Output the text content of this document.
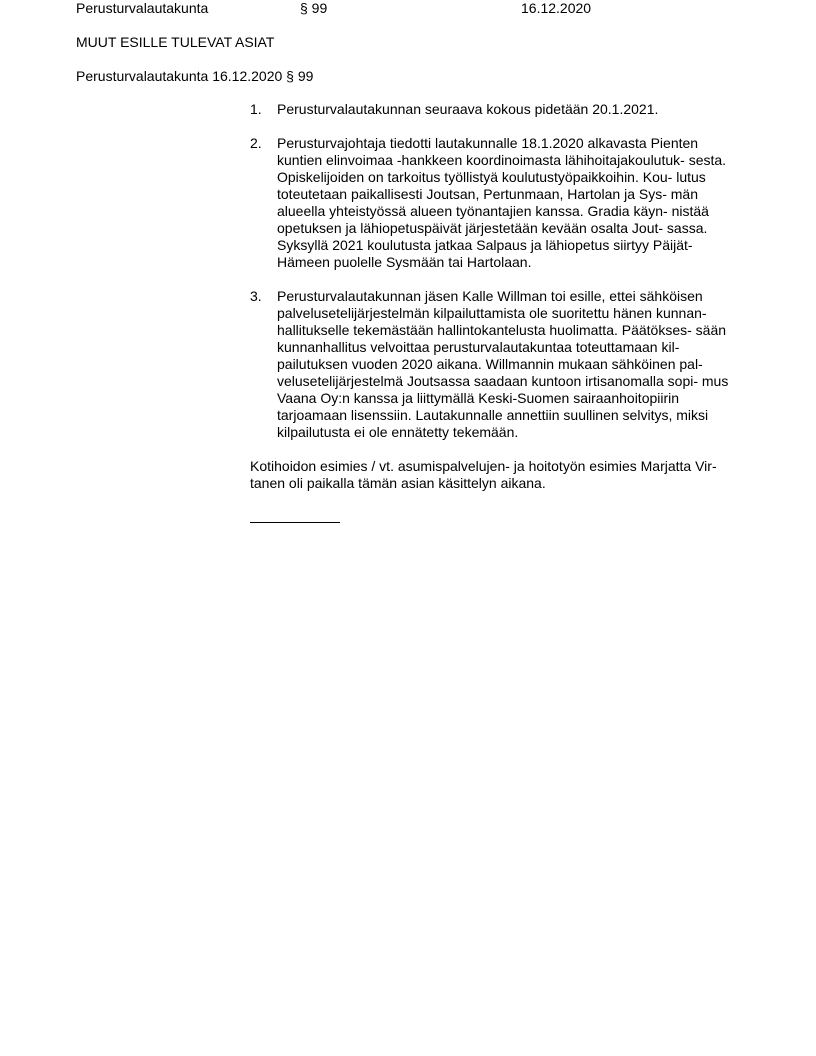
Perusturvalautakunta	§ 99	16.12.2020
MUUT ESILLE TULEVAT ASIAT
Perusturvalautakunta 16.12.2020 § 99
1. Perusturvalautakunnan seuraava kokous pidetään 20.1.2021.
2. Perusturvajohtaja tiedotti lautakunnalle 18.1.2020 alkavasta Pienten kuntien elinvoimaa -hankkeen koordinoimasta lähihoitajakoulutuk- sesta. Opiskelijoiden on tarkoitus työllistyä koulutustyöpaikkoihin. Kou- lutus toteutetaan paikallisesti Joutsan, Pertunmaan, Hartolan ja Sys- män alueella yhteistyössä alueen työnantajien kanssa. Gradia käyn- nistää opetuksen ja lähiopetuspäivät järjestetään kevään osalta Jout- sassa. Syksyllä 2021 koulutusta jatkaa Salpaus ja lähiopetus siirtyy Päijät-Hämeen puolelle Sysmään tai Hartolaan.
3. Perusturvalautakunnan jäsen Kalle Willman toi esille, ettei sähköisen palvelusetelijärjestelmän kilpailuttamista ole suoritettu hänen kunnan- hallitukselle tekemästään hallintokantelusta huolimatta. Päätökses- sään kunnanhallitus velvoittaa perusturvalautakuntaa toteuttamaan kil- pailutuksen vuoden 2020 aikana. Willmannin mukaan sähköinen pal- velusetelijärjestelmä Joutsassa saadaan kuntoon irtisanomalla sopi- mus Vaana Oy:n kanssa ja liittymällä Keski-Suomen sairaanhoitopiirin tarjoamaan lisenssiin. Lautakunnalle annettiin suullinen selvitys, miksi kilpailutusta ei ole ennätetty tekemään.
Kotihoidon esimies / vt. asumispalvelujen- ja hoitotyön esimies Marjatta Vir- tanen oli paikalla tämän asian käsittelyn aikana.
